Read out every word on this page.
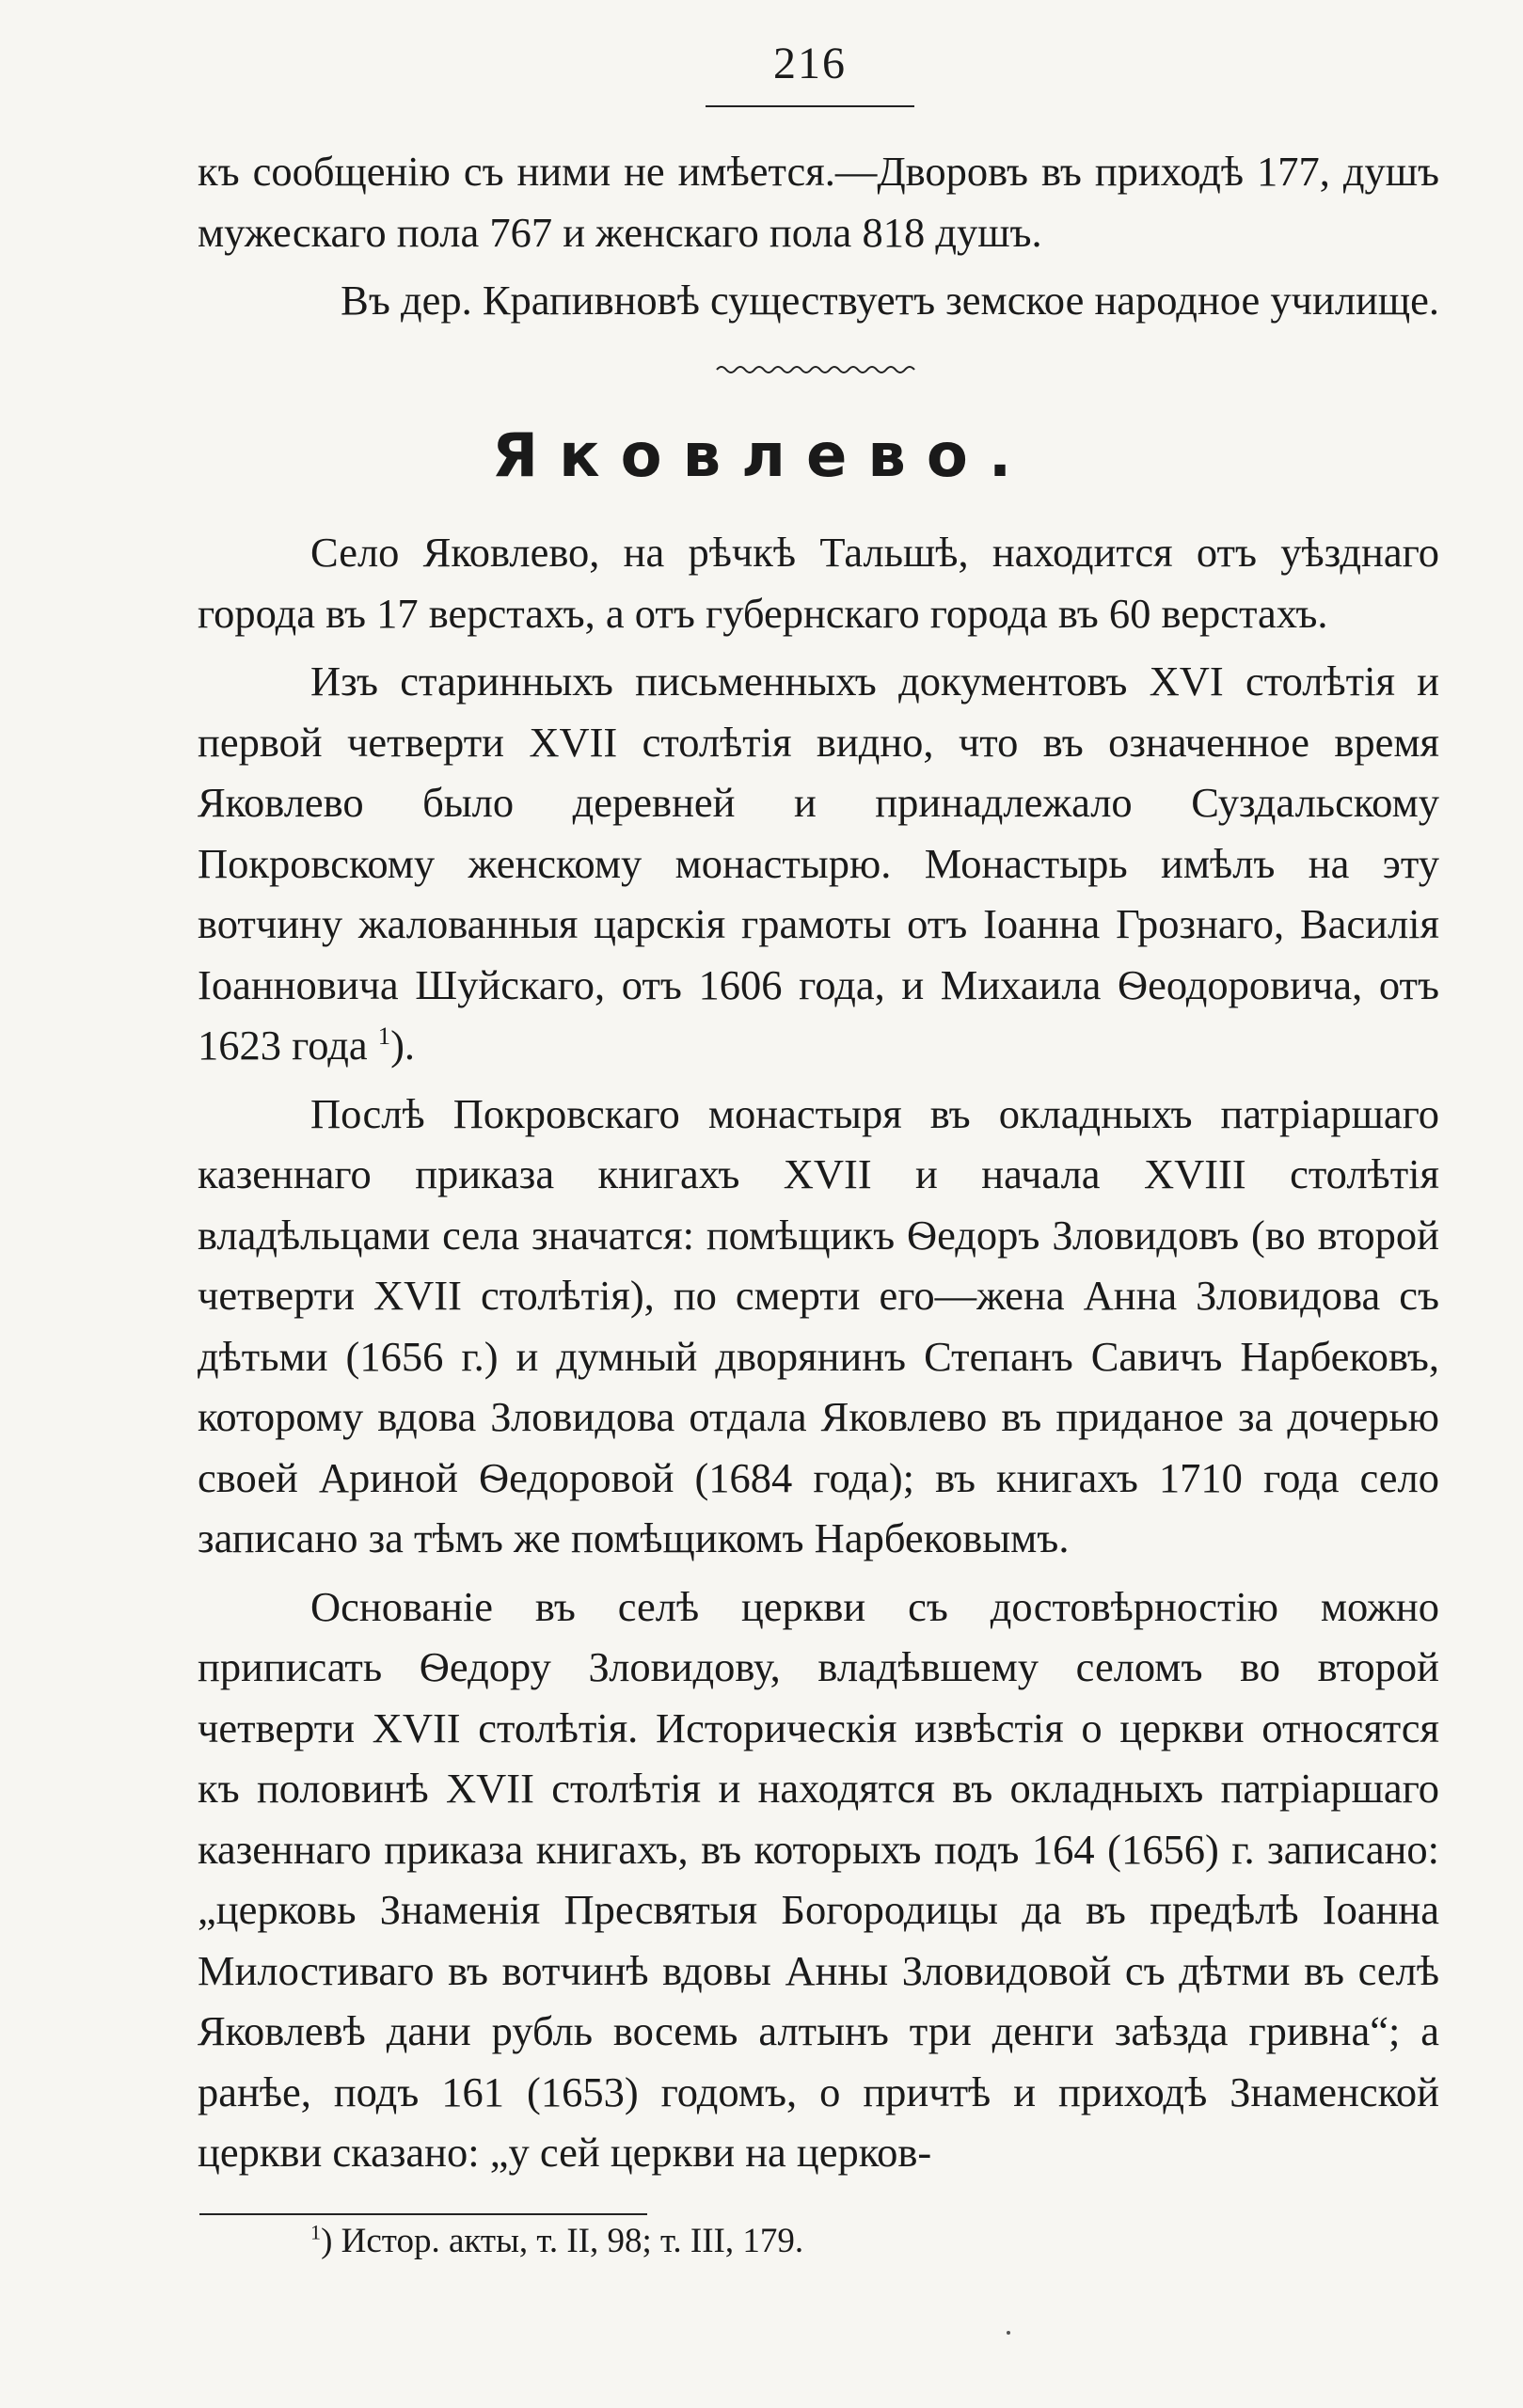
216

къ сообщенію съ ними не имѣется.—Дворовъ въ приходѣ 177, душъ мужескаго пола 767 и женскаго пола 818 душъ.

Въ дер. Крапивновѣ существуетъ земское народное училище.

Яковлево.

Село Яковлево, на рѣчкѣ Тальшѣ, находится отъ уѣзднаго города въ 17 верстахъ, а отъ губернскаго города въ 60 верстахъ.

Изъ старинныхъ письменныхъ документовъ XVI столѣтія и первой четверти XVII столѣтія видно, что въ означенное время Яковлево было деревней и принадлежало Суздальскому Покровскому женскому монастырю. Монастырь имѣлъ на эту вотчину жалованныя царскія грамоты отъ Іоанна Грознаго, Василія Іоанновича Шуйскаго, отъ 1606 года, и Михаила Ѳеодоровича, отъ 1623 года $^1$).

Послѣ Покровскаго монастыря въ окладныхъ патріаршаго казеннаго приказа книгахъ XVII и начала XVIII столѣтія владѣльцами села значатся: помѣщикъ Ѳедоръ Зловидовъ (во второй четверти XVII столѣтія), по смерти его—жена Анна Зловидова съ дѣтьми (1656 г.) и думный дворянинъ Степанъ Савичъ Нарбековъ, которому вдова Зловидова отдала Яковлево въ приданое за дочерью своей Ариной Ѳедоровой (1684 года); въ книгахъ 1710 года село записано за тѣмъ же помѣщикомъ Нарбековымъ.

Основаніе въ селѣ церкви съ достовѣрностію можно приписать Ѳедору Зловидову, владѣвшему селомъ во второй четверти XVII столѣтія. Историческія извѣстія о церкви относятся къ половинѣ XVII столѣтія и находятся въ окладныхъ патріаршаго казеннаго приказа книгахъ, въ которыхъ подъ 164 (1656) г. записано: „церковь Знаменія Пресвятыя Богородицы да въ предѣлѣ Іоанна Милостиваго въ вотчинѣ вдовы Анны Зловидовой съ дѣтми въ селѣ Яковлевѣ дани рубль восемь алтынъ три денги заѣзда гривна“; а ранѣе, подъ 161 (1653) годомъ, о причтѣ и приходѣ Знаменской церкви сказано: „у сей церкви на церков-

$^1$) Истор. акты, т. II, 98; т. III, 179.
